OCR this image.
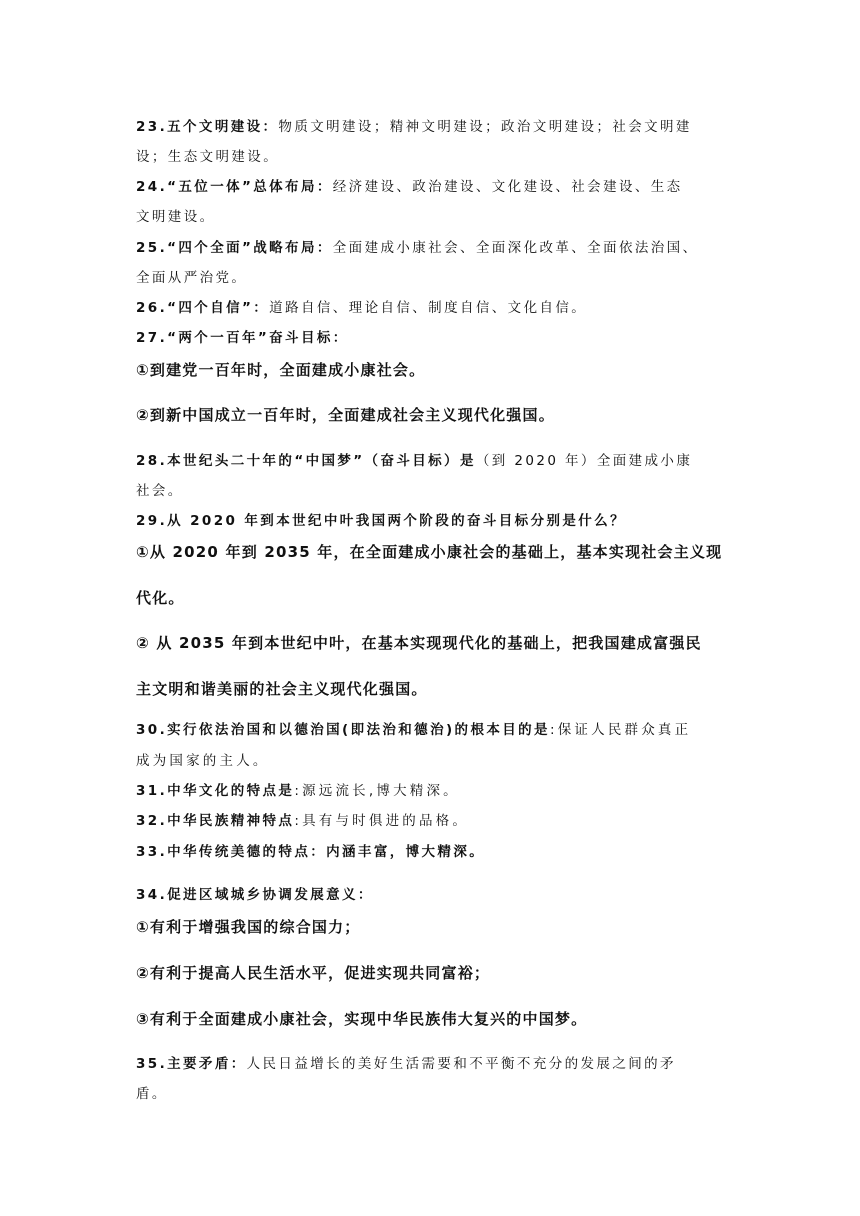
23.五个文明建设：物质文明建设；精神文明建设；政治文明建设；社会文明建
设；生态文明建设。
24.“五位一体”总体布局：经济建设、政治建设、文化建设、社会建设、生态
文明建设。
25.“四个全面”战略布局：全面建成小康社会、全面深化改革、全面依法治国、
全面从严治党。
26.“四个自信”：道路自信、理论自信、制度自信、文化自信。
27.“两个一百年”奋斗目标：
①到建党一百年时，全面建成小康社会。
②到新中国成立一百年时，全面建成社会主义现代化强国。
28.本世纪头二十年的“中国梦”（奋斗目标）是（到 2020 年）全面建成小康
社会。
29.从 2020 年到本世纪中叶我国两个阶段的奋斗目标分别是什么？
①从 2020 年到 2035 年，在全面建成小康社会的基础上，基本实现社会主义现
代化。
② 从 2035 年到本世纪中叶，在基本实现现代化的基础上，把我国建成富强民
主文明和谐美丽的社会主义现代化强国。
30.实行依法治国和以德治国(即法治和德治)的根本目的是:保证人民群众真正
成为国家的主人。
31.中华文化的特点是:源远流长,博大精深。
32.中华民族精神特点:具有与时俱进的品格。
33.中华传统美德的特点：内涵丰富，博大精深。
34.促进区域城乡协调发展意义：
①有利于增强我国的综合国力；
②有利于提高人民生活水平，促进实现共同富裕；
③有利于全面建成小康社会，实现中华民族伟大复兴的中国梦。
35.主要矛盾：人民日益增长的美好生活需要和不平衡不充分的发展之间的矛
盾。
